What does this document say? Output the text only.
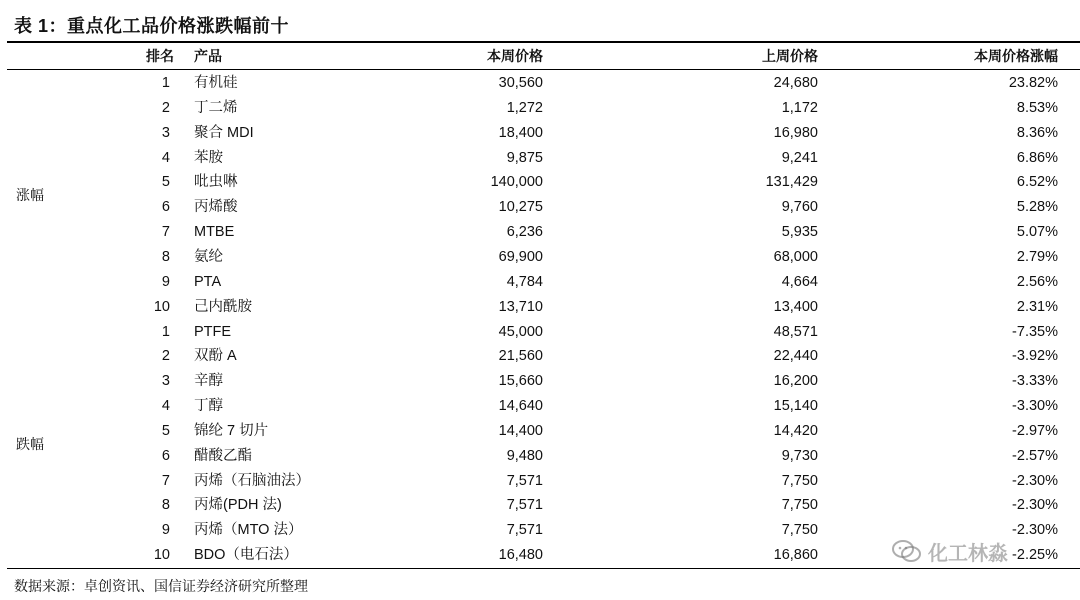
表 1：重点化工品价格涨跌幅前十
排名 产品	本周价格	上周价格	本周价格涨幅
涨幅
跌幅
1 有机硅	30,560	24,680	23.82%
2 丁二烯	1,272	1,172	8.53%
3 聚合 MDI	18,400	16,980	8.36%
4 苯胺	9,875	9,241	6.86%
5 吡虫啉	140,000	131,429	6.52%
6 丙烯酸	10,275	9,760	5.28%
7 MTBE	6,236	5,935	5.07%
8 氨纶	69,900	68,000	2.79%
9 PTA	4,784	4,664	2.56%
10 己内酰胺	13,710	13,400	2.31%
1 PTFE	45,000	48,571	-7.35%
2 双酚 A	21,560	22,440	-3.92%
3 辛醇	15,660	16,200	-3.33%
4 丁醇	14,640	15,140	-3.30%
5 锦纶 7 切片	14,400	14,420	-2.97%
6 醋酸乙酯	9,480	9,730	-2.57%
7 丙烯（石脑油法）	7,571	7,750	-2.30%
8 丙烯(PDH 法)	7,571	7,750	-2.30%
9 丙烯（MTO 法）	7,571	7,750	-2.30%
10 BDO（电石法）	16,480	16,860	-2.25%
数据来源：卓创资讯、国信证券经济研究所整理
化工林淼
